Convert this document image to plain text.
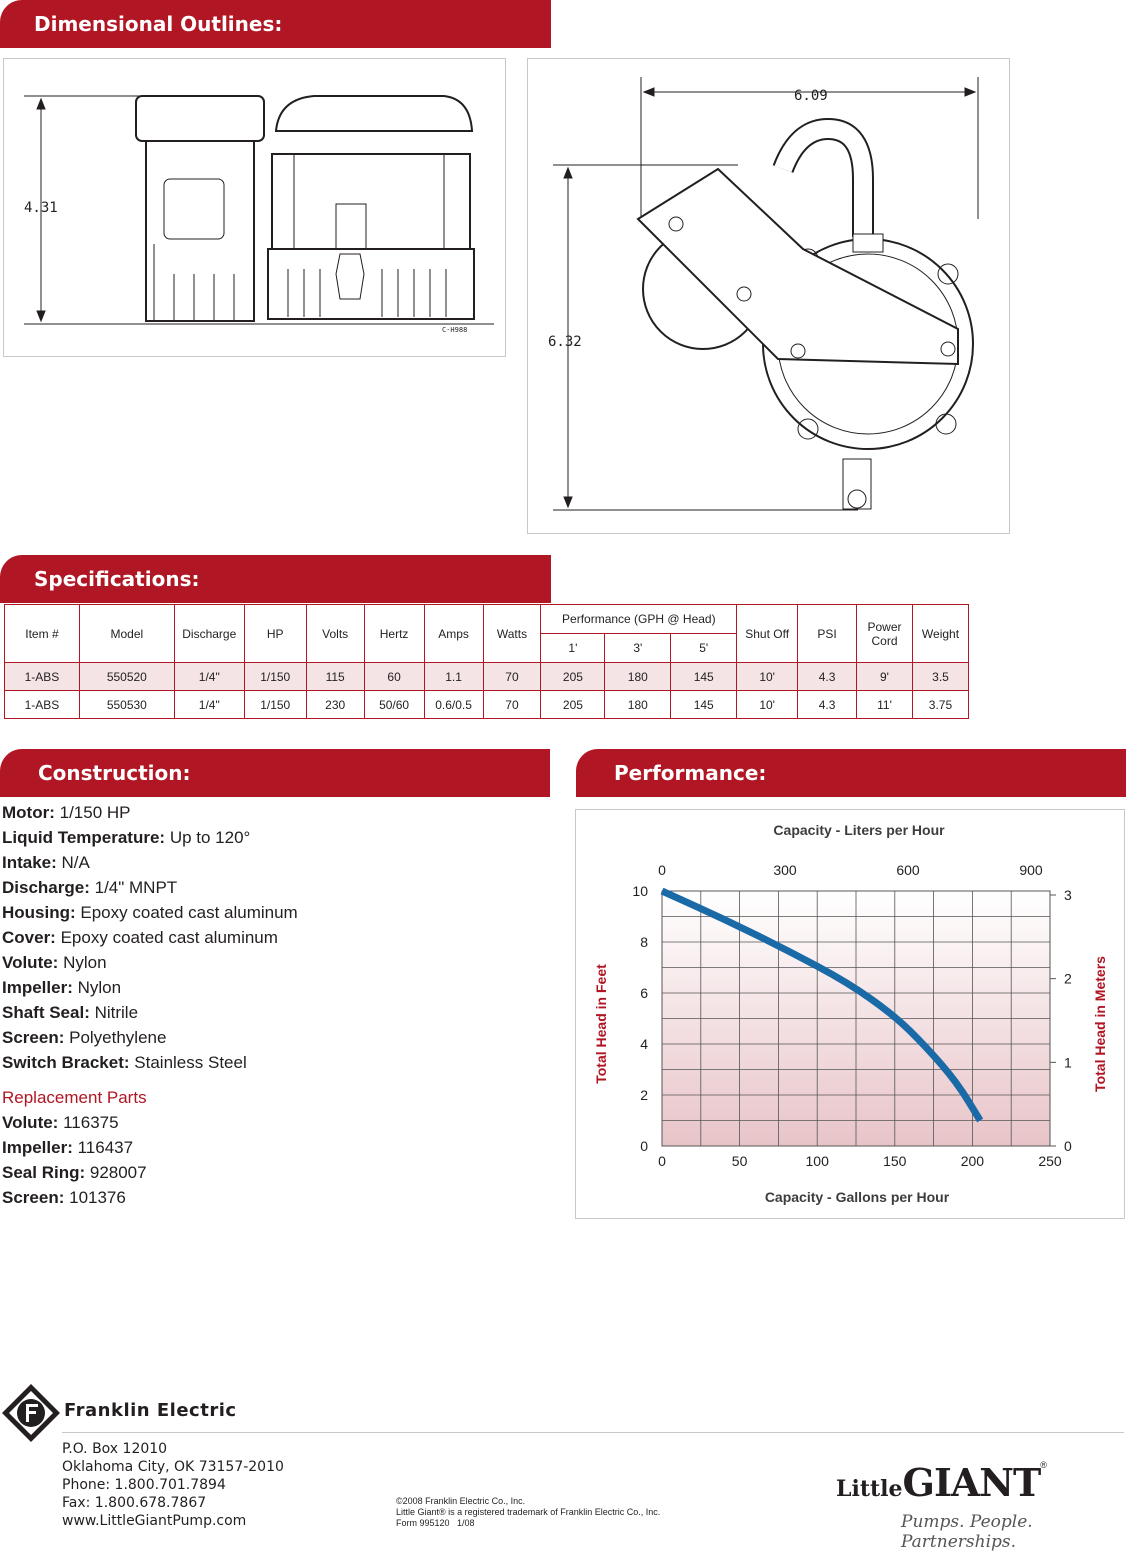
Dimensional Outlines:
Specifications:
Construction:	Performance:
4.31
C-H988
6.09
6.32
Item #	Model	Discharge	HP	Volts	Hertz	Amps	Watts	Performance (GPH @ Head)			Shut Off	PSI	Power Cord	Weight
								1'	3'	5'				
1-ABS	550520	1/4"	1/150	115	60	1.1	70	205	180	145	10'	4.3	9'	3.5
1-ABS	550530	1/4"	1/150	230	50/60	0.6/0.5	70	205	180	145	10'	4.3	11'	3.75
Motor: 1/150 HP
Liquid Temperature: Up to 120°
Intake: N/A
Discharge: 1/4" MNPT
Housing: Epoxy coated cast aluminum
Cover: Epoxy coated cast aluminum
Volute: Nylon
Impeller: Nylon
Shaft Seal: Nitrile
Screen: Polyethylene
Switch Bracket: Stainless Steel
Replacement Parts
Volute: 116375
Impeller: 116437
Seal Ring: 928007
Screen: 101376
0	50	100	150	200	250
0
2
4
6
8
10
0	300	600	900
0
1
2
3
Capacity - Liters per Hour
Capacity - Gallons per Hour
Total Head in Feet	Total Head in Meters
Franklin Electric
P.O. Box 12010
Oklahoma City, OK 73157-2010
Phone: 1.800.701.7894
Fax: 1.800.678.7867
www.LittleGiantPump.com
©2008 Franklin Electric Co., Inc.
Little Giant® is a registered trademark of Franklin Electric Co., Inc.
Form 995120   1/08
LittleGIANT®
Pumps. People. Partnerships.
